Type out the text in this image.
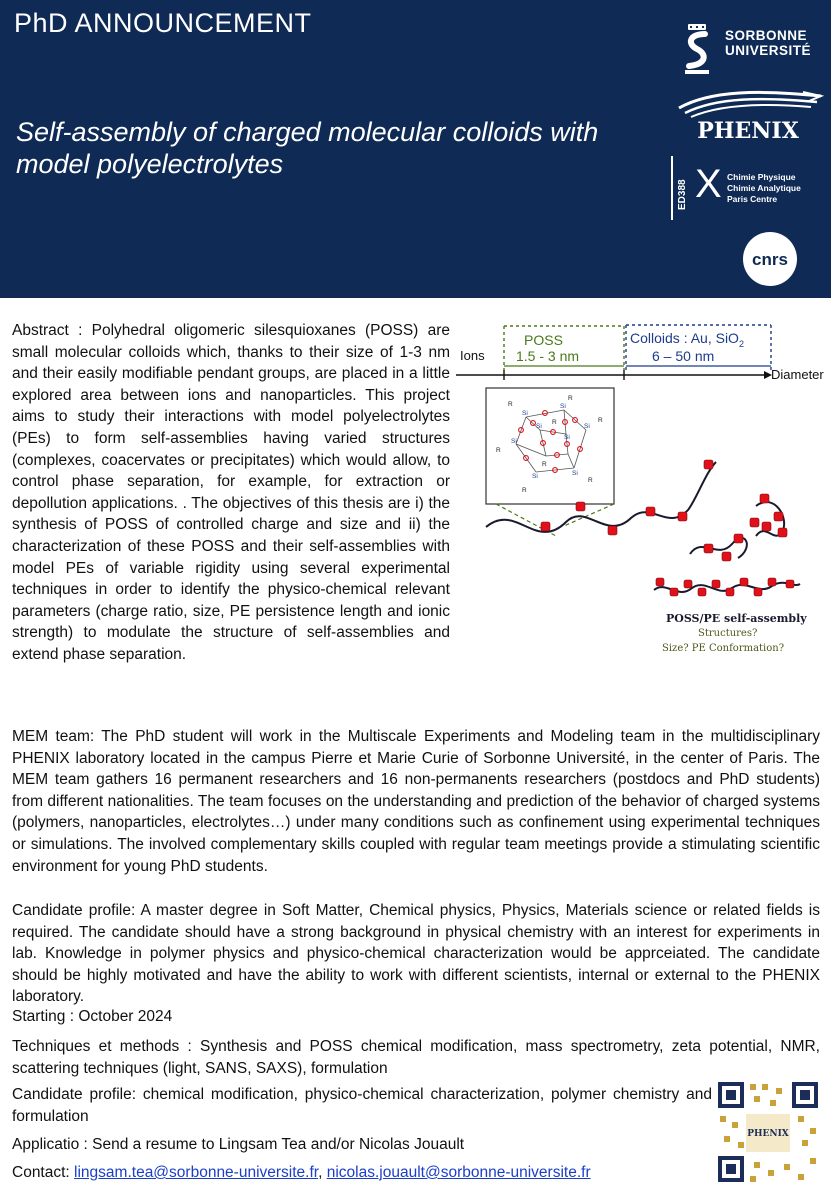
PhD ANNOUNCEMENT
Self-assembly of charged molecular colloids with model polyelectrolytes
SORBONNE
UNIVERSITÉ
PHENIX
ED388 X Chimie Physique
Chimie Analytique
Paris Centre
cnrs
Abstract : Polyhedral oligomeric silesquioxanes (POSS) are small molecular colloids which, thanks to their size of 1-3 nm and their easily modifiable pendant groups, are placed in a little explored area between ions and nanoparticles. This project aims to study their interactions with model polyelectrolytes (PEs) to form self-assemblies having varied structures (complexes, coacervates or precipitates) which would allow, to control phase separation, for example, for extraction or depollution applications. . The objectives of this thesis are i) the synthesis of POSS of controlled charge and size and ii) the characterization of these POSS and their self-assemblies with model PEs of variable rigidity using several experimental techniques in order to identify the physico-chemical relevant parameters (charge ratio, size, PE persistence length and ionic strength) to modulate the structure of self-assemblies and extend phase separation.
POSS
1.5 - 3 nm
Colloids : Au, SiO$_2$
6 – 50 nm
Ions
Diameter
Si
Si
Si
Si
Si	Si
Si
Si
R
R
R
R
R
R
R
R
POSS/PE self-assembly
Structures?
Size? PE Conformation?
MEM team: The PhD student will work in the Multiscale Experiments and Modeling team in the multidisciplinary PHENIX laboratory located in the campus Pierre et Marie Curie of Sorbonne Université, in the center of Paris. The MEM team gathers 16 permanent researchers and 16 non-permanents researchers (postdocs and PhD students) from different nationalities. The team focuses on the understanding and prediction of the behavior of charged systems (polymers, nanoparticles, electrolytes…) under many conditions such as confinement using experimental techniques or simulations. The involved complementary skills coupled with regular team meetings provide a stimulating scientific environment for young PhD students.
Candidate profile: A master degree in Soft Matter, Chemical physics, Physics, Materials science or related fields is required. The candidate should have a strong background in physical chemistry with an interest for experiments in lab. Knowledge in polymer physics and physico-chemical characterization would be apprceiated. The candidate should be highly motivated and have the ability to work with different scientists, internal or external to the PHENIX laboratory.
Starting : October 2024
Techniques et methods : Synthesis and POSS chemical modification, mass spectrometry, zeta potential, NMR, scattering techniques (light, SANS, SAXS), formulation
Candidate profile: chemical modification, physico-chemical characterization, polymer chemistry and formulation
Applicatio : Send a resume to Lingsam Tea and/or Nicolas Jouault
Contact: lingsam.tea@sorbonne-universite.fr, nicolas.jouault@sorbonne-universite.fr
PHENIX
